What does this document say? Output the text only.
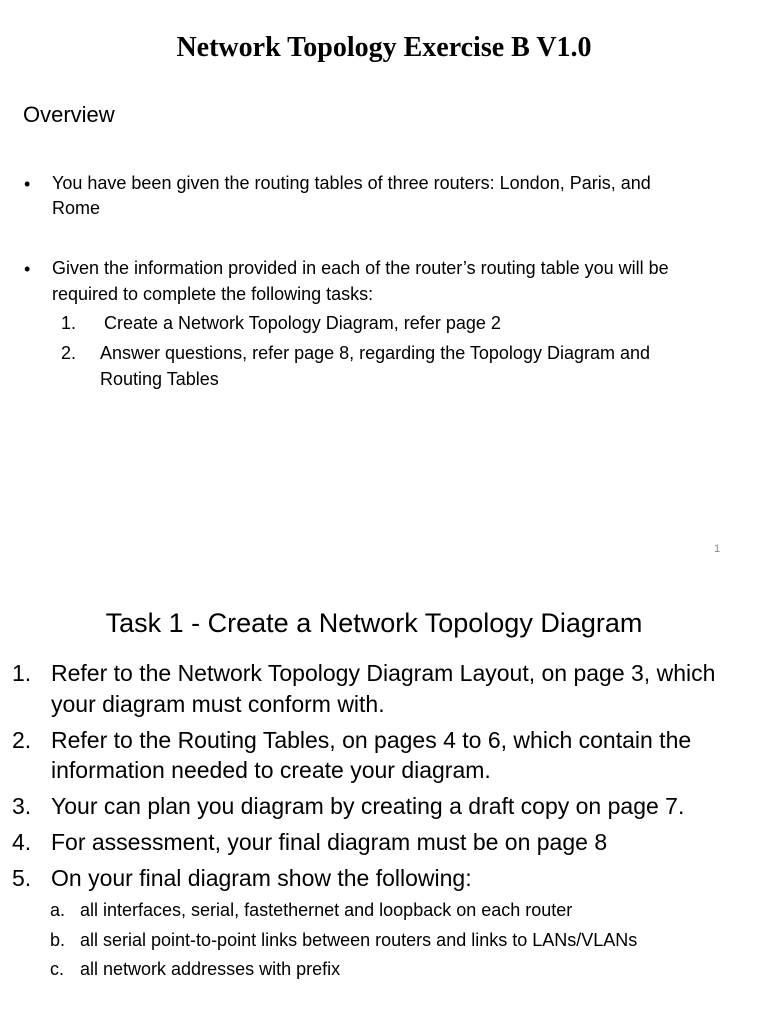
Network Topology Exercise B V1.0
Overview
• You have been given the routing tables of three routers: London, Paris, and
Rome
• Given the information provided in each of the router’s routing table you will be
required to complete the following tasks:
1. Create a Network Topology Diagram, refer page 2
2. Answer questions, refer page 8, regarding the Topology Diagram and
Routing Tables
1
Task 1 - Create a Network Topology Diagram
1. Refer to the Network Topology Diagram Layout, on page 3, which
your diagram must conform with.
2. Refer to the Routing Tables, on pages 4 to 6, which contain the
information needed to create your diagram.
3. Your can plan you diagram by creating a draft copy on page 7.
4. For assessment, your final diagram must be on page 8
5. On your final diagram show the following:
a. all interfaces, serial, fastethernet and loopback on each router
b. all serial point-to-point links between routers and links to LANs/VLANs
c. all network addresses with prefix
